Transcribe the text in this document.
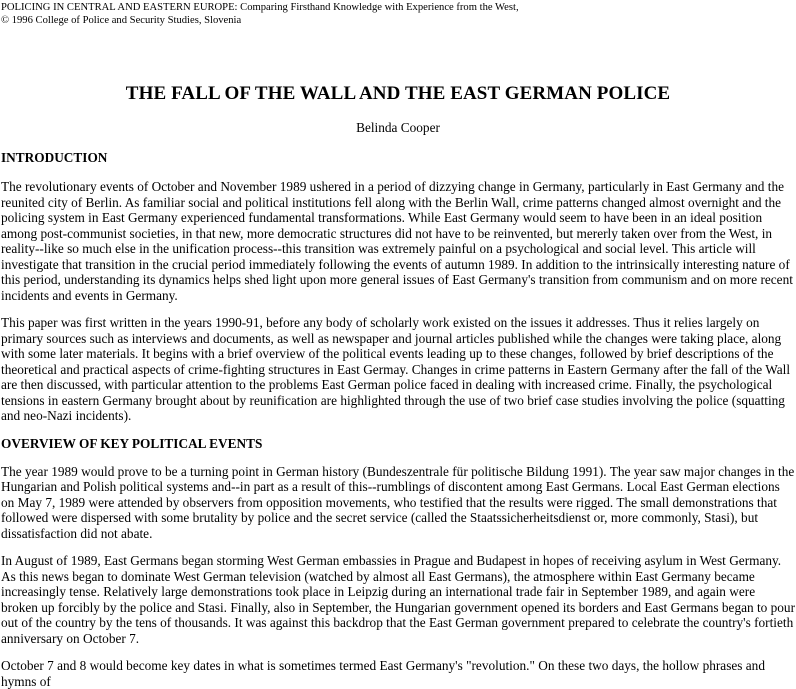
POLICING IN CENTRAL AND EASTERN EUROPE: Comparing Firsthand Knowledge with Experience from the West,
© 1996 College of Police and Security Studies, Slovenia
THE FALL OF THE WALL AND THE EAST GERMAN POLICE
Belinda Cooper
INTRODUCTION

The revolutionary events of October and November 1989 ushered in a period of dizzying change in Germany, particularly in East Germany and the reunited city of Berlin. As familiar social and political institutions fell along with the Berlin Wall, crime patterns changed almost overnight and the policing system in East Germany experienced fundamental transformations. While East Germany would seem to have been in an ideal position among post-communist societies, in that new, more democratic structures did not have to be reinvented, but mererly taken over from the West, in reality--like so much else in the unification process--this transition was extremely painful on a psychological and social level. This article will investigate that transition in the crucial period immediately following the events of autumn 1989. In addition to the intrinsically interesting nature of this period, understanding its dynamics helps shed light upon more general issues of East Germany's transition from communism and on more recent incidents and events in Germany.

This paper was first written in the years 1990-91, before any body of scholarly work existed on the issues it addresses. Thus it relies largely on primary sources such as interviews and documents, as well as newspaper and journal articles published while the changes were taking place, along with some later materials. It begins with a brief overview of the political events leading up to these changes, followed by brief descriptions of the theoretical and practical aspects of crime-fighting structures in East Germay. Changes in crime patterns in Eastern Germany after the fall of the Wall are then discussed, with particular attention to the problems East German police faced in dealing with increased crime. Finally, the psychological tensions in eastern Germany brought about by reunification are highlighted through the use of two brief case studies involving the police (squatting and neo-Nazi incidents).

OVERVIEW OF KEY POLITICAL EVENTS

The year 1989 would prove to be a turning point in German history (Bundeszentrale für politische Bildung 1991). The year saw major changes in the Hungarian and Polish political systems and--in part as a result of this--rumblings of discontent among East Germans. Local East German elections on May 7, 1989 were attended by observers from opposition movements, who testified that the results were rigged. The small demonstrations that followed were dispersed with some brutality by police and the secret service (called the Staatssicherheitsdienst or, more commonly, Stasi), but dissatisfaction did not abate.

In August of 1989, East Germans began storming West German embassies in Prague and Budapest in hopes of receiving asylum in West Germany. As this news began to dominate West German television (watched by almost all East Germans), the atmosphere within East Germany became increasingly tense. Relatively large demonstrations took place in Leipzig during an international trade fair in September 1989, and again were broken up forcibly by the police and Stasi. Finally, also in September, the Hungarian government opened its borders and East Germans began to pour out of the country by the tens of thousands. It was against this backdrop that the East German government prepared to celebrate the country's fortieth anniversary on October 7.

October 7 and 8 would become key dates in what is sometimes termed East Germany's "revolution." On these two days, the hollow phrases and hymns of
